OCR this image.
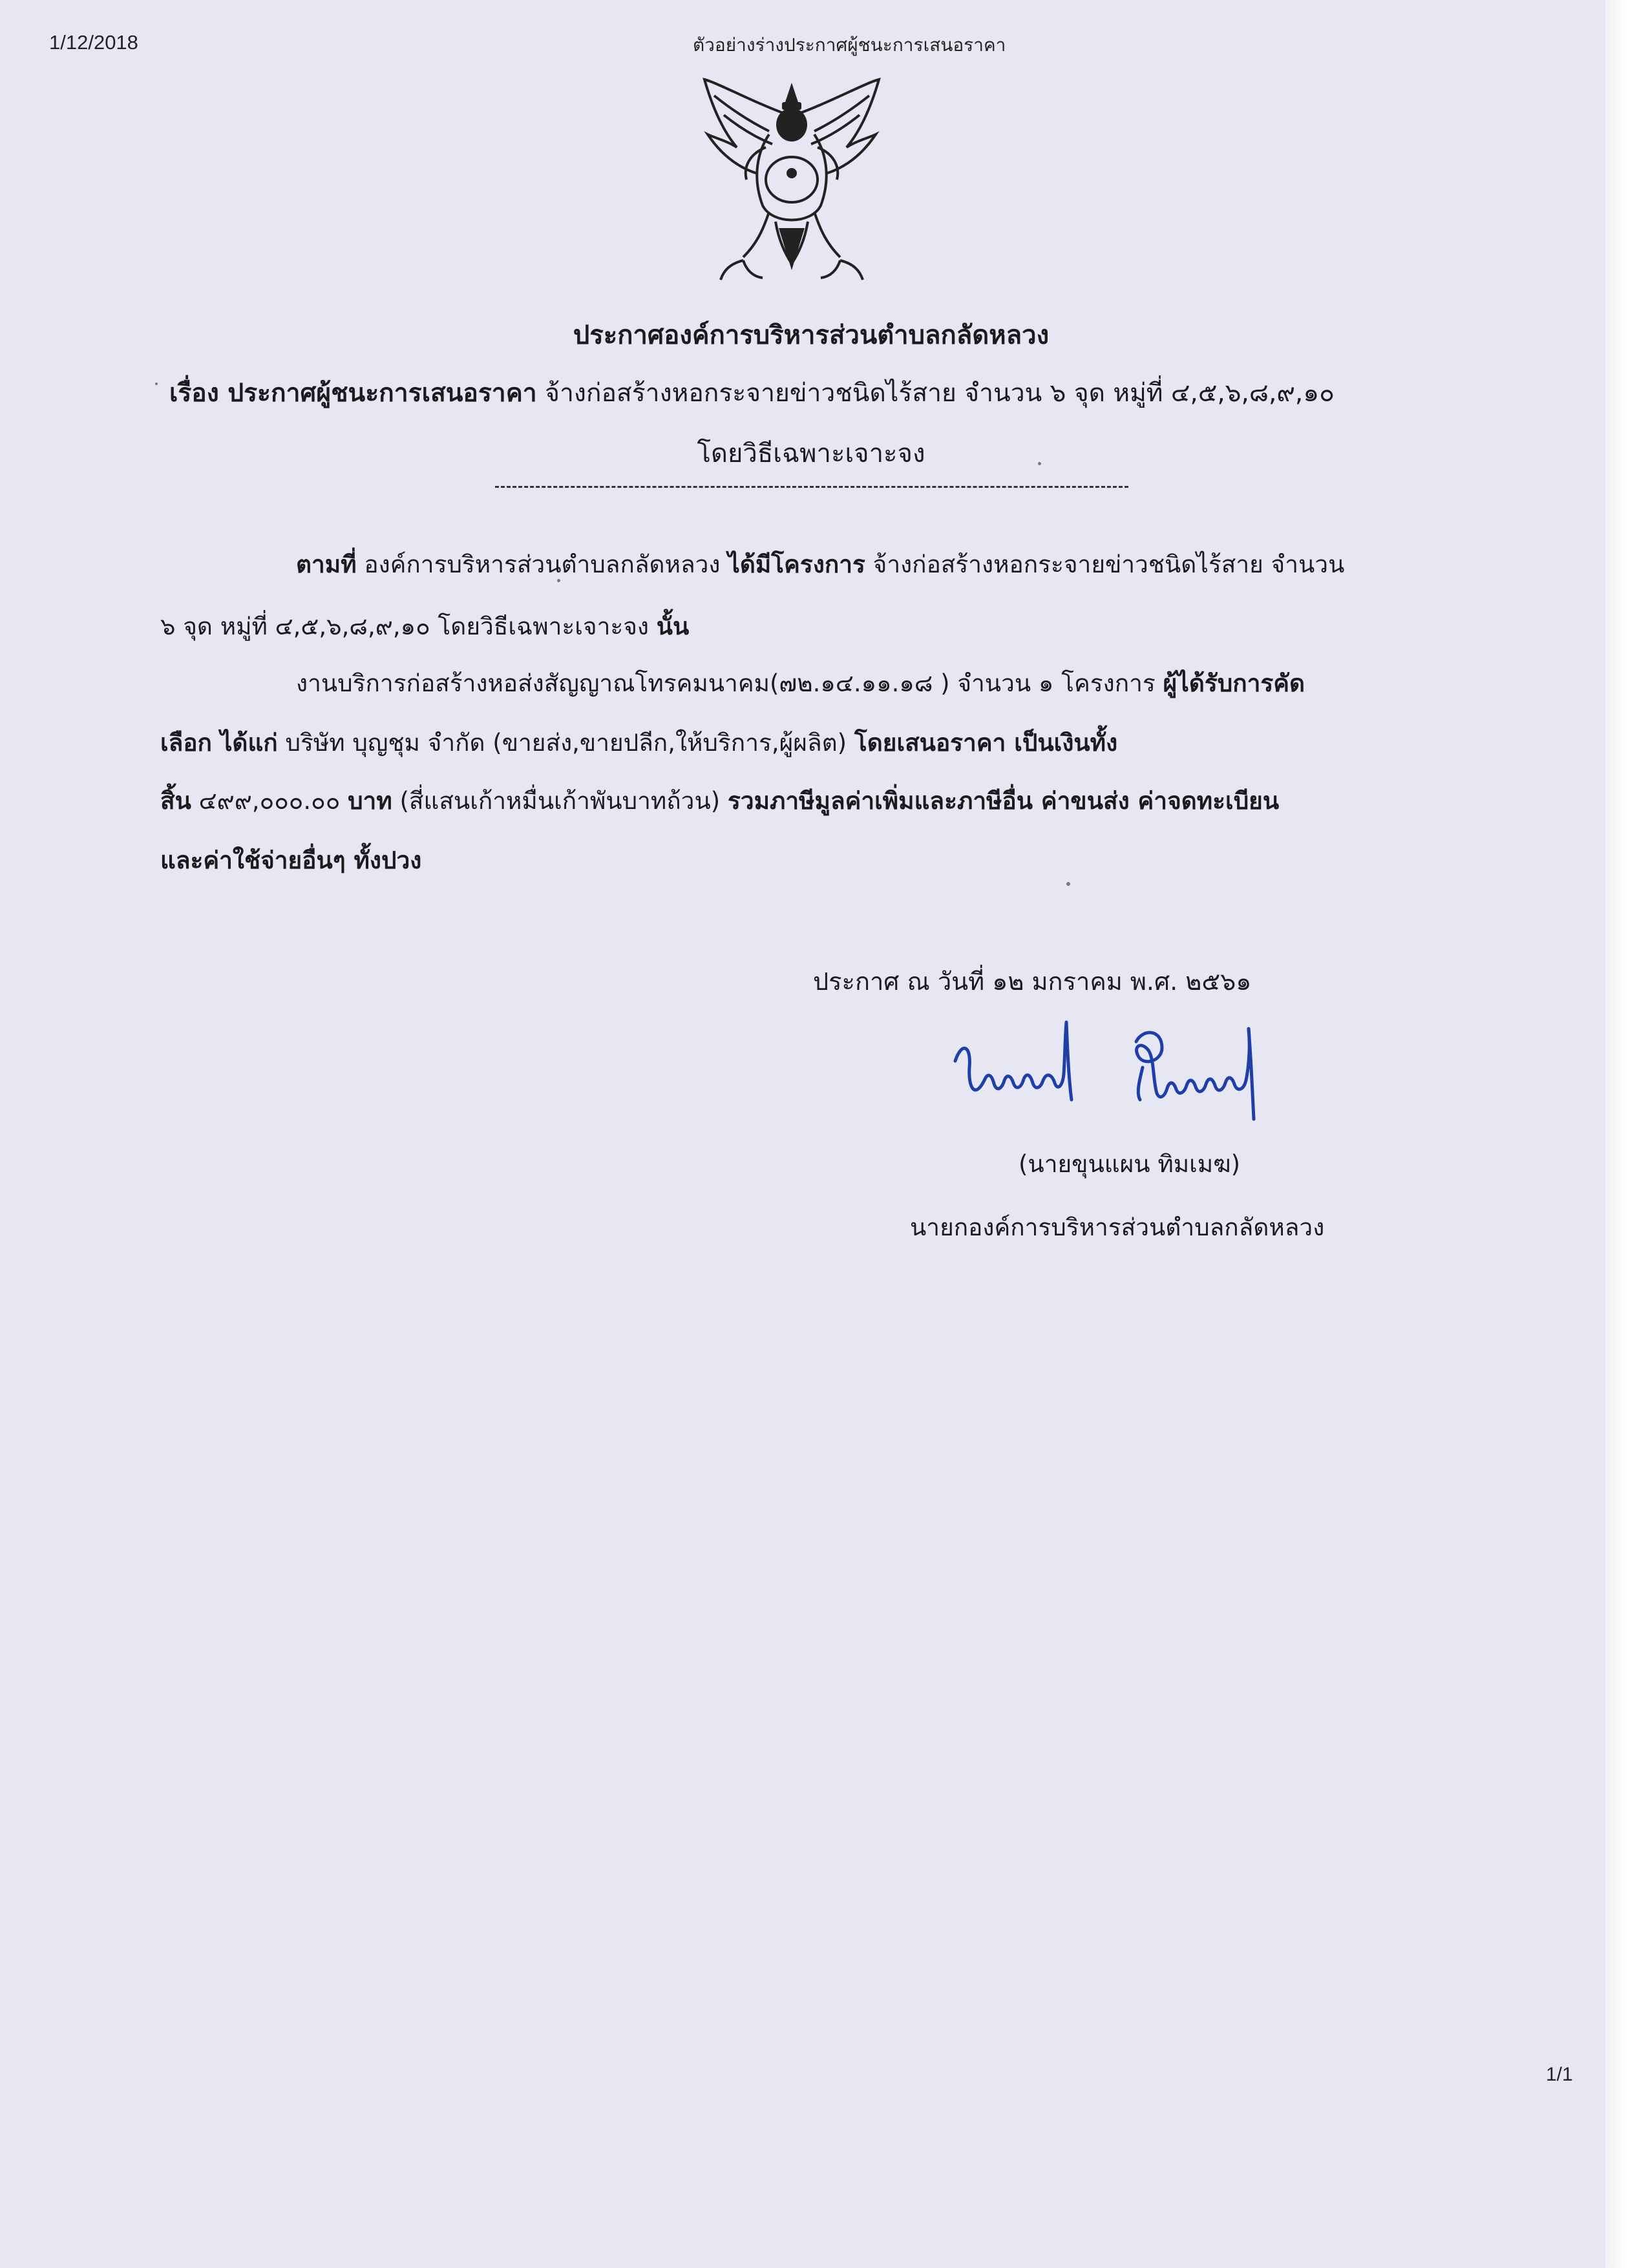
1/12/2018	ตัวอย่างร่างประกาศผู้ชนะการเสนอราคา
ประกาศองค์การบริหารส่วนตำบลกลัดหลวง
เรื่อง ประกาศผู้ชนะการเสนอราคา จ้างก่อสร้างหอกระจายข่าวชนิดไร้สาย จำนวน ๖ จุด หมู่ที่ ๔,๕,๖,๘,๙,๑๐
โดยวิธีเฉพาะเจาะจง
ตามที่ องค์การบริหารส่วนตำบลกลัดหลวง ได้มีโครงการ จ้างก่อสร้างหอกระจายข่าวชนิดไร้สาย จำนวน
๖ จุด หมู่ที่ ๔,๕,๖,๘,๙,๑๐ โดยวิธีเฉพาะเจาะจง นั้น
งานบริการก่อสร้างหอส่งสัญญาณโทรคมนาคม(๗๒.๑๔.๑๑.๑๘ ) จำนวน ๑ โครงการ ผู้ได้รับการคัด
เลือก ได้แก่ บริษัท บุญชุม จำกัด (ขายส่ง,ขายปลีก,ให้บริการ,ผู้ผลิต) โดยเสนอราคา เป็นเงินทั้ง
สิ้น ๔๙๙,๐๐๐.๐๐ บาท (สี่แสนเก้าหมื่นเก้าพันบาทถ้วน) รวมภาษีมูลค่าเพิ่มและภาษีอื่น ค่าขนส่ง ค่าจดทะเบียน
และค่าใช้จ่ายอื่นๆ ทั้งปวง
ประกาศ ณ วันที่ ๑๒ มกราคม พ.ศ. ๒๕๖๑
(นายขุนแผน ทิมเมฆ)
นายกองค์การบริหารส่วนตำบลกลัดหลวง
1/1
